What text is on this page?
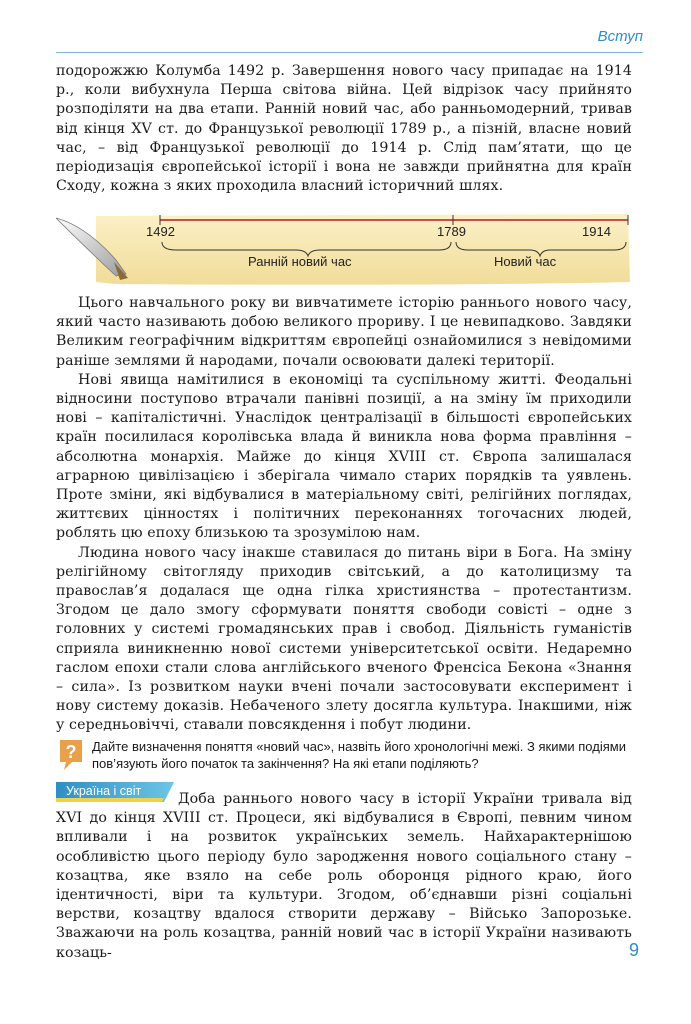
Вступ

подорожжю Колумба 1492 р. Завершення нового часу припадає на 1914 р., коли вибухнула Перша світова війна. Цей відрізок часу прийнято розподіляти на два етапи. Ранній новий час, або ранньомодерний, тривав від кінця XV ст. до Французької революції 1789 р., а пізній, власне новий час, – від Французької революції до 1914 р. Слід пам’ятати, що це періодизація європейської історії і вона не завжди прийнятна для країн Сходу, кожна з яких проходила власний історичний шлях.

1492	1789	1914
Ранній новий час	Новий час

Цього навчального року ви вивчатимете історію раннього нового часу, який часто називають добою великого прориву. І це невипадково. Завдяки Великим географічним відкриттям європейці ознайомилися з невідомими раніше землями й народами, почали освоювати далекі території.

Нові явища намітилися в економіці та суспільному житті. Феодальні відносини поступово втрачали панівні позиції, а на зміну їм приходили нові – капіталістичні. Унаслідок централізації в більшості європейських країн посилилася королівська влада й виникла нова форма правління – абсолютна монархія. Майже до кінця XVIII ст. Європа залишалася аграрною цивілізацією і зберігала чимало старих порядків та уявлень. Проте зміни, які відбувалися в матеріальному світі, релігійних поглядах, життєвих цінностях і політичних переконаннях тогочасних людей, роблять цю епоху близькою та зрозумілою нам.

Людина нового часу інакше ставилася до питань віри в Бога. На зміну релігійному світогляду приходив світський, а до католицизму та православ’я додалася ще одна гілка християнства – протестантизм. Згодом це дало змогу сформувати поняття свободи совісті – одне з головних у системі громадянських прав і свобод. Діяльність гуманістів сприяла виникненню нової системи університетської освіти. Недаремно гаслом епохи стали слова англійського вченого Френсіса Бекона «Знання – сила». Із розвитком науки вчені почали застосовувати експеримент і нову систему доказів. Небаченого злету досягла культура. Інакшими, ніж у середньовіччі, ставали повсякдення і побут людини.

? Дайте визначення поняття «новий час», назвіть його хронологічні межі. З якими подіями пов’язують його початок та закінчення? На які етапи поділяють?
Україна і світ	Доба раннього нового часу в історії України тривала від XVI до кінця XVIII ст. Процеси, які відбувалися в Європі, певним чином впливали і на розвиток українських земель. Найхарактернішою особливістю цього періоду було зародження нового соціального стану – козацтва, яке взяло на себе роль оборонця рідного краю, його ідентичності, віри та культури. Згодом, об’єднавши різні соціальні верстви, козацтву вдалося створити державу – Військо Запорозьке. Зважаючи на роль козацтва, ранній новий час в історії України називають козаць-	9
